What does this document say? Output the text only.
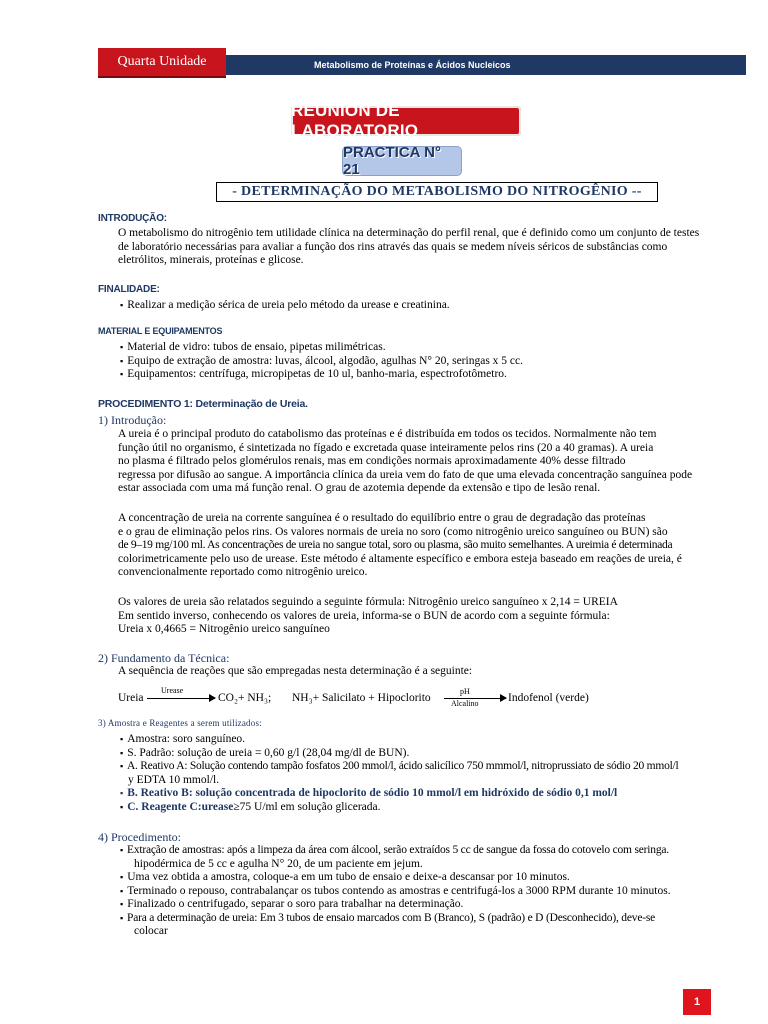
Quarta Unidade	Metabolismo de Proteínas e Ácidos Nucleicos
REUNION DE LABORATORIO
PRACTICA N° 21
- DETERMINAÇÃO DO METABOLISMO DO NITROGÊNIO --
INTRODUÇÃO:
O metabolismo do nitrogênio tem utilidade clínica na determinação do perfil renal, que é definido como um conjunto de testes
de laboratório necessárias para avaliar a função dos rins através das quais se medem níveis séricos de substâncias como
eletrólitos, minerais, proteínas e glicose.
FINALIDADE:
▪ Realizar a medição sérica de ureia pelo método da urease e creatinina.
MATERIAL E EQUIPAMENTOS
▪ Material de vidro: tubos de ensaio, pipetas milimétricas.
▪ Equipo de extração de amostra: luvas, álcool, algodão, agulhas N° 20, seringas x 5 cc.
▪ Equipamentos: centrífuga, micropipetas de 10 ul, banho-maria, espectrofotômetro.
PROCEDIMENTO 1: Determinação de Ureia.
1) Introdução:
A ureia é o principal produto do catabolismo das proteínas e é distribuída em todos os tecidos. Normalmente não tem
função útil no organismo, é sintetizada no fígado e excretada quase inteiramente pelos rins (20 a 40 gramas). A ureia
no plasma é filtrado pelos glomérulos renais, mas em condições normais aproximadamente 40% desse filtrado
regressa por difusão ao sangue. A importância clínica da ureia vem do fato de que uma elevada concentração sanguínea pode
estar associada com uma má função renal. O grau de azotemia depende da extensão e tipo de lesão renal.
A concentração de ureia na corrente sanguínea é o resultado do equilíbrio entre o grau de degradação das proteínas
e o grau de eliminação pelos rins. Os valores normais de ureia no soro (como nitrogênio ureico sanguíneo ou BUN) são
de 9–19 mg/100 ml. As concentrações de ureia no sangue total, soro ou plasma, são muito semelhantes. A ureimia é determinada
colorimetricamente pelo uso de urease. Este método é altamente específico e embora esteja baseado em reações de ureia, é
convencionalmente reportado como nitrogênio ureico.
Os valores de ureia são relatados seguindo a seguinte fórmula: Nitrogênio ureico sanguíneo x 2,14 = UREIA
Em sentido inverso, conhecendo os valores de ureia, informa-se o BUN de acordo com a seguinte fórmula:
Ureia x 0,4665 = Nitrogênio ureico sanguíneo
2) Fundamento da Técnica:
A sequência de reações que são empregadas nesta determinação é a seguinte:
Ureia
Urease
CO₂+ NH₃; NH₃+ Salicilato + Hipoclorito →
pH
Alcalino	Indofenol (verde)
3) Amostra e Reagentes a serem utilizados:
▪ Amostra: soro sanguíneo.
▪ S. Padrão: solução de ureia = 0,60 g/l (28,04 mg/dl de BUN).
▪ A. Reativo A: Solução contendo tampão fosfatos 200 mmol/l, ácido salicílico 750 mmmol/l, nitroprussiato de sódio 20 mmol/l
y EDTA 10 mmol/l.
▪ B. Reativo B: solução concentrada de hipoclorito de sódio 10 mmol/l em hidróxido de sódio 0,1 mol/l
▪ C. Reagente C:urease≥75 U/ml em solução glicerada.
4) Procedimento:
▪ Extração de amostras: após a limpeza da área com álcool, serão extraídos 5 cc de sangue da fossa do cotovelo com seringa.
hipodérmica de 5 cc e agulha N° 20, de um paciente em jejum.
▪ Uma vez obtida a amostra, coloque-a em um tubo de ensaio e deixe-a descansar por 10 minutos.
▪ Terminado o repouso, contrabalançar os tubos contendo as amostras e centrifugá-los a 3000 RPM durante 10 minutos.
▪ Finalizado o centrifugado, separar o soro para trabalhar na determinação.
▪ Para a determinação de ureia: Em 3 tubos de ensaio marcados com B (Branco), S (padrão) e D (Desconhecido), deve-se
colocar
1
